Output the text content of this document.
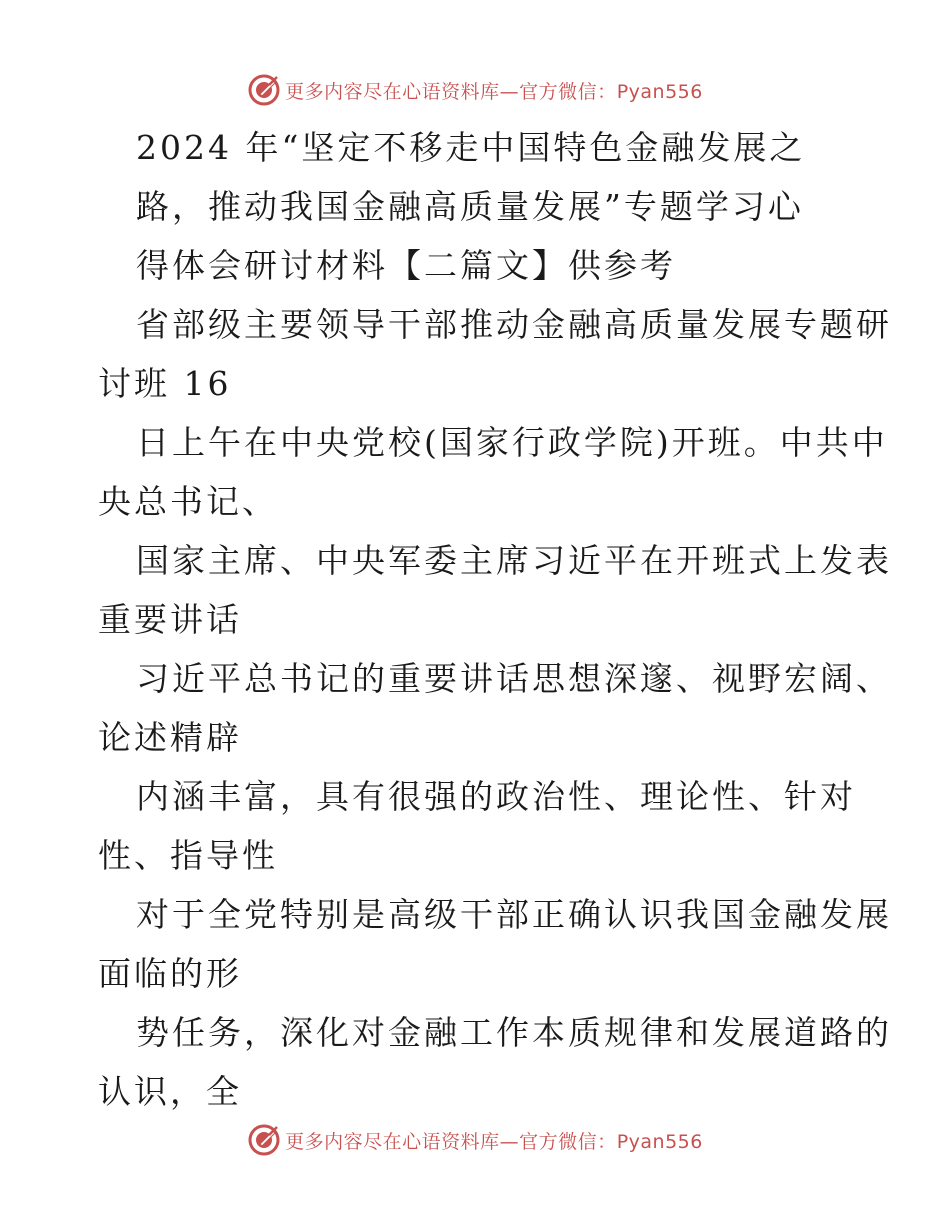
更多内容尽在心语资料库—官方微信：Pyan556
2024 年“坚定不移走中国特色金融发展之
路，推动我国金融高质量发展”专题学习心
得体会研讨材料【二篇文】供参考
省部级主要领导干部推动金融高质量发展专题研
讨班 16
日上午在中央党校(国家行政学院)开班。中共中
央总书记、
国家主席、中央军委主席习近平在开班式上发表
重要讲话
习近平总书记的重要讲话思想深邃、视野宏阔、
论述精辟
内涵丰富，具有很强的政治性、理论性、针对
性、指导性
对于全党特别是高级干部正确认识我国金融发展
面临的形
势任务，深化对金融工作本质规律和发展道路的
认识，全
更多内容尽在心语资料库—官方微信：Pyan556
